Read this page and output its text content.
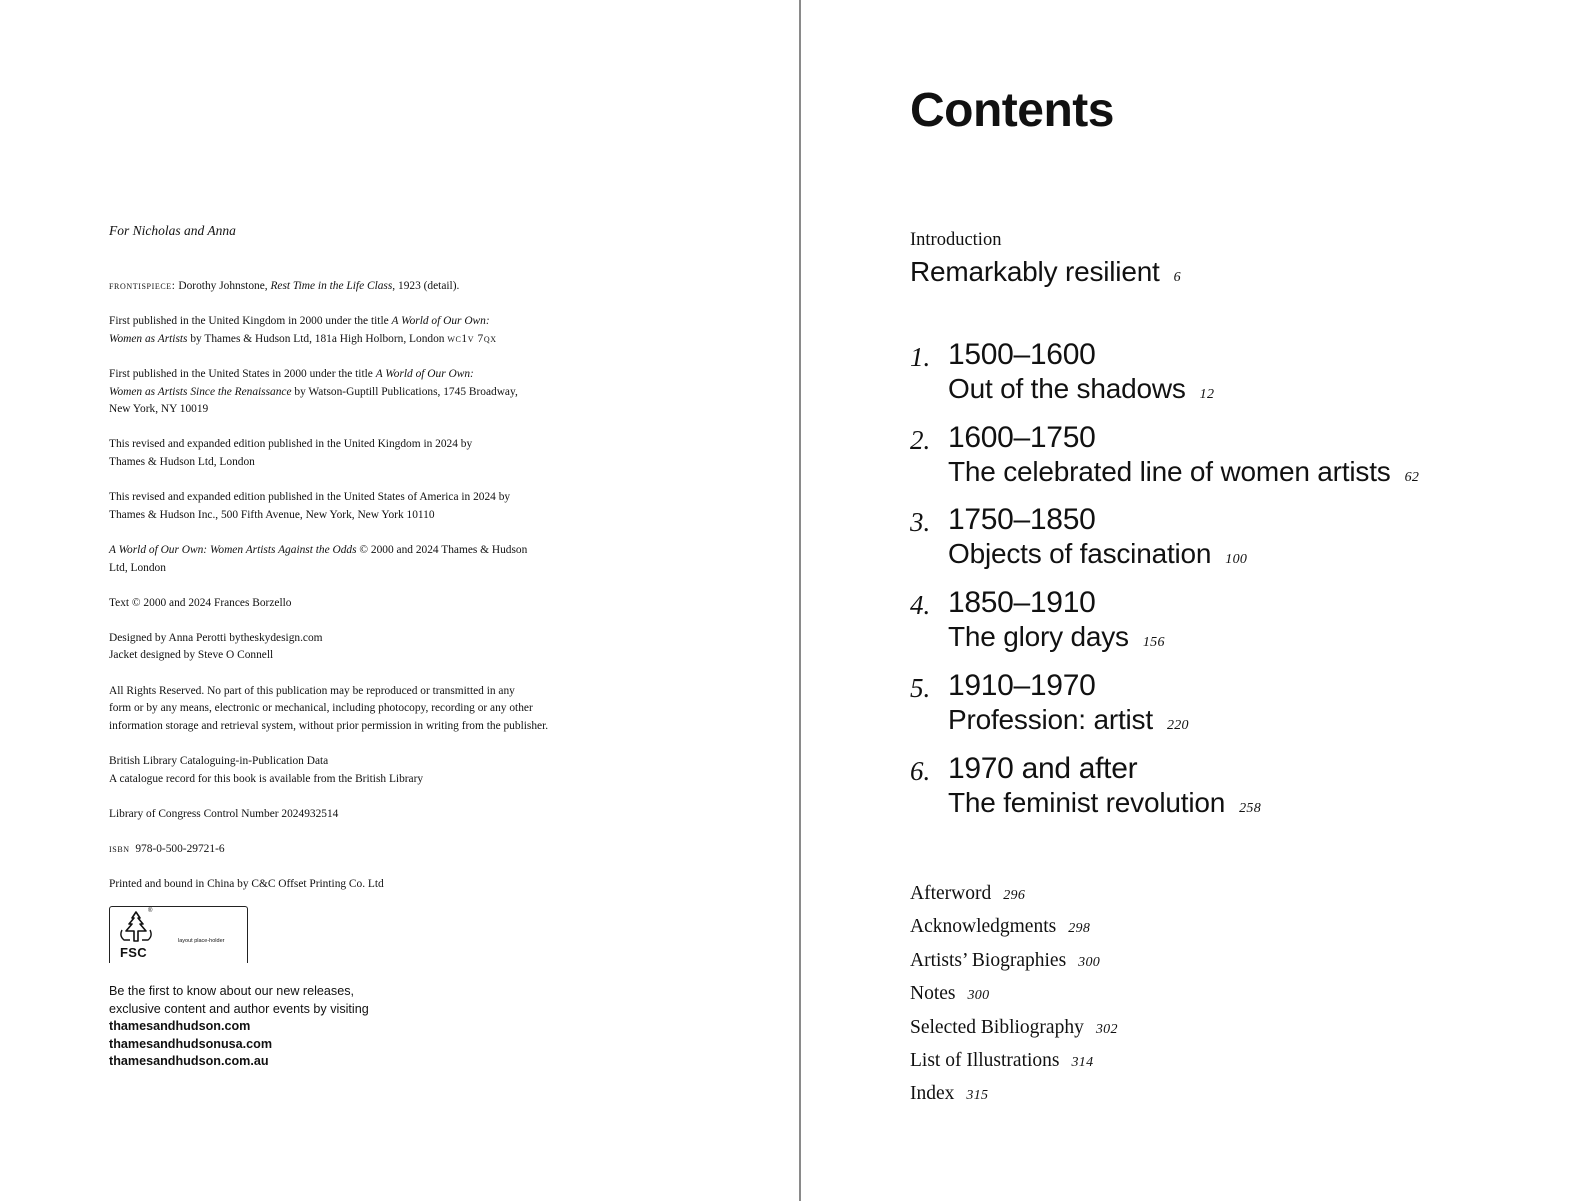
For Nicholas and Anna

frontispiece: Dorothy Johnstone, Rest Time in the Life Class, 1923 (detail).

First published in the United Kingdom in 2000 under the title A World of Our Own:
Women as Artists by Thames & Hudson Ltd, 181a High Holborn, London wc1v 7qx

First published in the United States in 2000 under the title A World of Our Own:
Women as Artists Since the Renaissance by Watson-Guptill Publications, 1745 Broadway,
New York, NY 10019

This revised and expanded edition published in the United Kingdom in 2024 by
Thames & Hudson Ltd, London

This revised and expanded edition published in the United States of America in 2024 by
Thames & Hudson Inc., 500 Fifth Avenue, New York, New York 10110

A World of Our Own: Women Artists Against the Odds © 2000 and 2024 Thames & Hudson
Ltd, London

Text © 2000 and 2024 Frances Borzello

Designed by Anna Perotti bytheskydesign.com
Jacket designed by Steve O Connell

All Rights Reserved. No part of this publication may be reproduced or transmitted in any
form or by any means, electronic or mechanical, including photocopy, recording or any other
information storage and retrieval system, without prior permission in writing from the publisher.

British Library Cataloguing-in-Publication Data
A catalogue record for this book is available from the British Library

Library of Congress Control Number 2024932514

isbn 978-0-500-29721-6

Printed and bound in China by C&C Offset Printing Co. Ltd

®
FSC
layout place-holder
Be the first to know about our new releases,
exclusive content and author events by visiting
thamesandhudson.com
thamesandhudsonusa.com
thamesandhudson.com.au
Contents
Introduction
Remarkably resilient 6
1. 1500–1600
Out of the shadows 12
2. 1600–1750
The celebrated line of women artists 62
3. 1750–1850
Objects of fascination 100
4. 1850–1910
The glory days 156
5. 1910–1970
Profession: artist 220
6. 1970 and after
The feminist revolution 258
Afterword 296
Acknowledgments 298
Artists’ Biographies 300
Notes 300
Selected Bibliography 302
List of Illustrations 314
Index 315
